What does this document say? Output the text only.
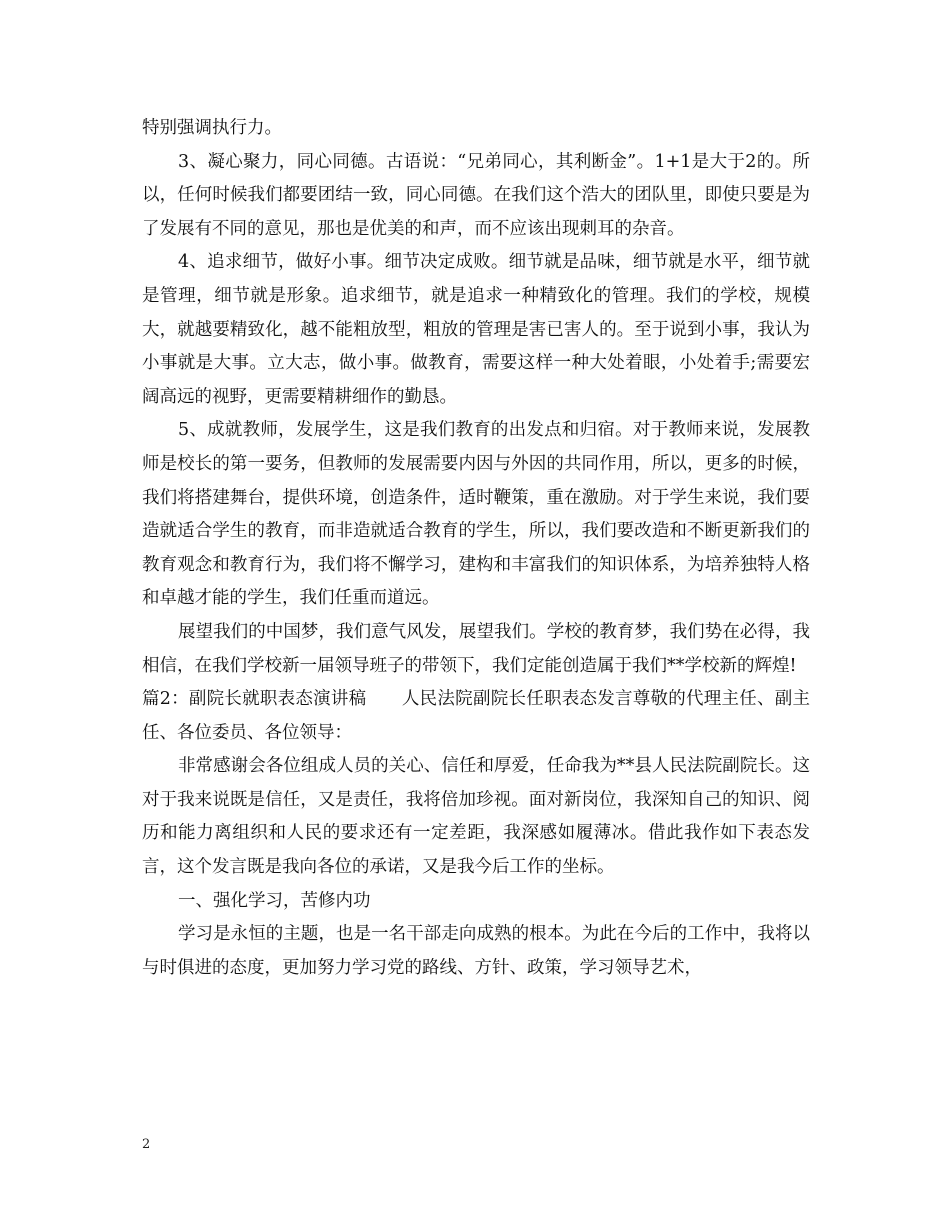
特别强调执行力。

3、凝心聚力，同心同德。古语说：“兄弟同心，其利断金”。1+1是大于2的。所以，任何时候我们都要团结一致，同心同德。在我们这个浩大的团队里，即使只要是为了发展有不同的意见，那也是优美的和声，而不应该出现刺耳的杂音。

4、追求细节，做好小事。细节决定成败。细节就是品味，细节就是水平，细节就是管理，细节就是形象。追求细节，就是追求一种精致化的管理。我们的学校，规模大，就越要精致化，越不能粗放型，粗放的管理是害已害人的。至于说到小事，我认为小事就是大事。立大志，做小事。做教育，需要这样一种大处着眼，小处着手;需要宏阔高远的视野，更需要精耕细作的勤恳。

5、成就教师，发展学生，这是我们教育的出发点和归宿。对于教师来说，发展教师是校长的第一要务，但教师的发展需要内因与外因的共同作用，所以，更多的时候，我们将搭建舞台，提供环境，创造条件，适时鞭策，重在激励。对于学生来说，我们要造就适合学生的教育，而非造就适合教育的学生，所以，我们要改造和不断更新我们的教育观念和教育行为，我们将不懈学习，建构和丰富我们的知识体系，为培养独特人格和卓越才能的学生，我们任重而道远。

展望我们的中国梦，我们意气风发，展望我们。学校的教育梦，我们势在必得，我相信，在我们学校新一届领导班子的带领下，我们定能创造属于我们**学校新的辉煌!

篇2：副院长就职表态演讲稿　　人民法院副院长任职表态发言尊敬的代理主任、副主任、各位委员、各位领导：

非常感谢会各位组成人员的关心、信任和厚爱，任命我为**县人民法院副院长。这对于我来说既是信任，又是责任，我将倍加珍视。面对新岗位，我深知自己的知识、阅历和能力离组织和人民的要求还有一定差距，我深感如履薄冰。借此我作如下表态发言，这个发言既是我向各位的承诺，又是我今后工作的坐标。

一、强化学习，苦修内功

学习是永恒的主题，也是一名干部走向成熟的根本。为此在今后的工作中，我将以与时俱进的态度，更加努力学习党的路线、方针、政策，学习领导艺术，

2
